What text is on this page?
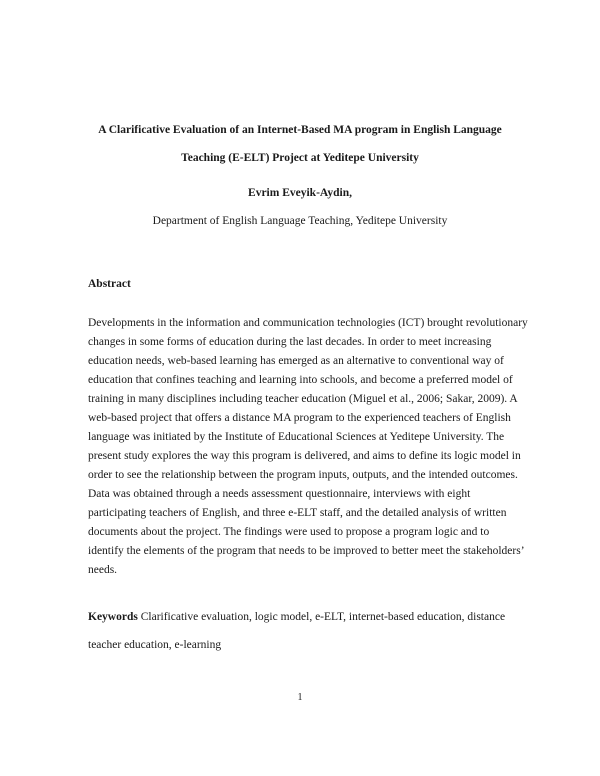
A Clarificative Evaluation of an Internet-Based MA program in English Language
Teaching (E-ELT) Project at Yeditepe University
Evrim Eveyik-Aydin,
Department of English Language Teaching, Yeditepe University
Abstract
Developments in the information and communication technologies (ICT) brought revolutionary
changes in some forms of education during the last decades. In order to meet increasing
education needs, web-based learning has emerged as an alternative to conventional way of
education that confines teaching and learning into schools, and become a preferred model of
training in many disciplines including teacher education (Miguel et al., 2006; Sakar, 2009). A
web-based project that offers a distance MA program to the experienced teachers of English
language was initiated by the Institute of Educational Sciences at Yeditepe University. The
present study explores the way this program is delivered, and aims to define its logic model in
order to see the relationship between the program inputs, outputs, and the intended outcomes.
Data was obtained through a needs assessment questionnaire, interviews with eight
participating teachers of English, and three e-ELT staff, and the detailed analysis of written
documents about the project. The findings were used to propose a program logic and to
identify the elements of the program that needs to be improved to better meet the stakeholders’
needs.
Keywords Clarificative evaluation, logic model, e-ELT, internet-based education, distance
teacher education, e-learning
1
